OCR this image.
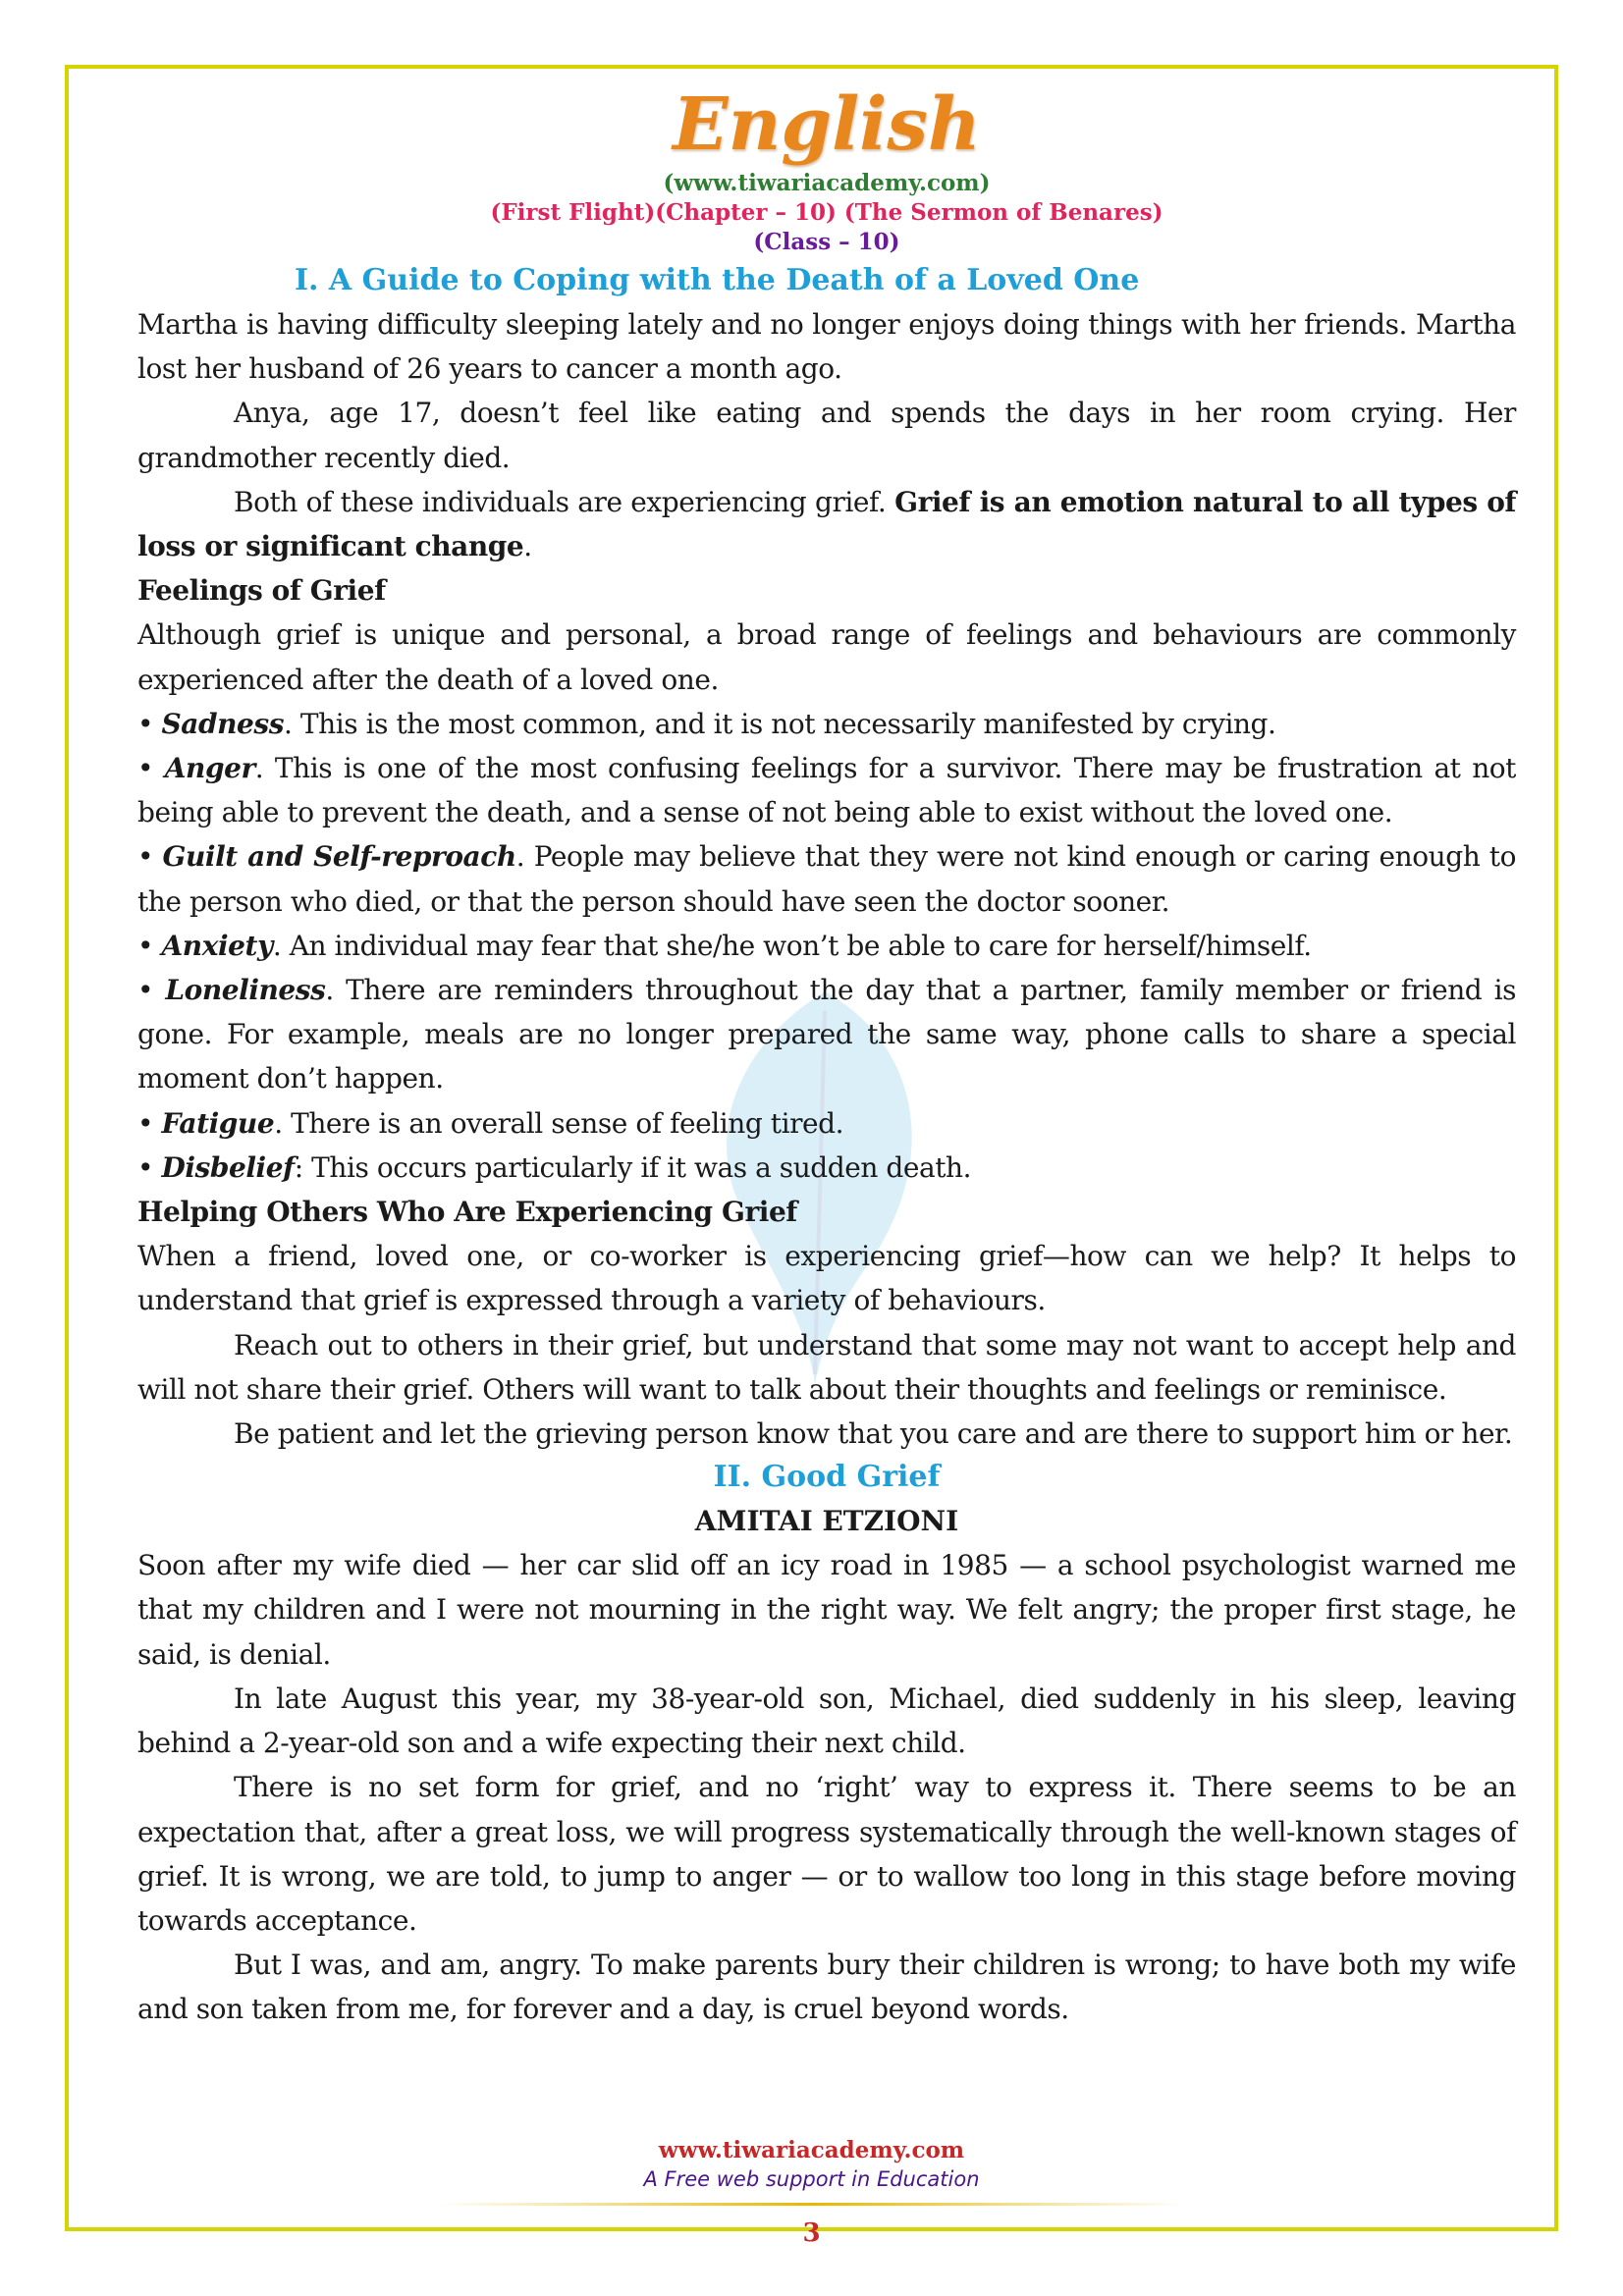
English
(www.tiwariacademy.com)
(First Flight)(Chapter – 10) (The Sermon of Benares)
(Class – 10)
I. A Guide to Coping with the Death of a Loved One

Martha is having difficulty sleeping lately and no longer enjoys doing things with her friends. Martha lost her husband of 26 years to cancer a month ago.

Anya, age 17, doesn’t feel like eating and spends the days in her room crying. Her grandmother recently died.

Both of these individuals are experiencing grief. Grief is an emotion natural to all types of loss or significant change.

Feelings of Grief

Although grief is unique and personal, a broad range of feelings and behaviours are commonly experienced after the death of a loved one.

• Sadness. This is the most common, and it is not necessarily manifested by crying.

• Anger. This is one of the most confusing feelings for a survivor. There may be frustration at not being able to prevent the death, and a sense of not being able to exist without the loved one.

• Guilt and Self-reproach. People may believe that they were not kind enough or caring enough to the person who died, or that the person should have seen the doctor sooner.

• Anxiety. An individual may fear that she/he won’t be able to care for herself/himself.

• Loneliness. There are reminders throughout the day that a partner, family member or friend is gone. For example, meals are no longer prepared the same way, phone calls to share a special moment don’t happen.

• Fatigue. There is an overall sense of feeling tired.

• Disbelief: This occurs particularly if it was a sudden death.

Helping Others Who Are Experiencing Grief

When a friend, loved one, or co-worker is experiencing grief—how can we help? It helps to understand that grief is expressed through a variety of behaviours.

Reach out to others in their grief, but understand that some may not want to accept help and will not share their grief. Others will want to talk about their thoughts and feelings or reminisce.

Be patient and let the grieving person know that you care and are there to support him or her.

II. Good Grief
AMITAI ETZIONI

Soon after my wife died — her car slid off an icy road in 1985 — a school psychologist warned me that my children and I were not mourning in the right way. We felt angry; the proper first stage, he said, is denial.

In late August this year, my 38-year-old son, Michael, died suddenly in his sleep, leaving behind a 2-year-old son and a wife expecting their next child.

There is no set form for grief, and no ‘right’ way to express it. There seems to be an expectation that, after a great loss, we will progress systematically through the well-known stages of grief. It is wrong, we are told, to jump to anger — or to wallow too long in this stage before moving towards acceptance.

But I was, and am, angry. To make parents bury their children is wrong; to have both my wife and son taken from me, for forever and a day, is cruel beyond words.

www.tiwariacademy.com
A Free web support in Education
3
